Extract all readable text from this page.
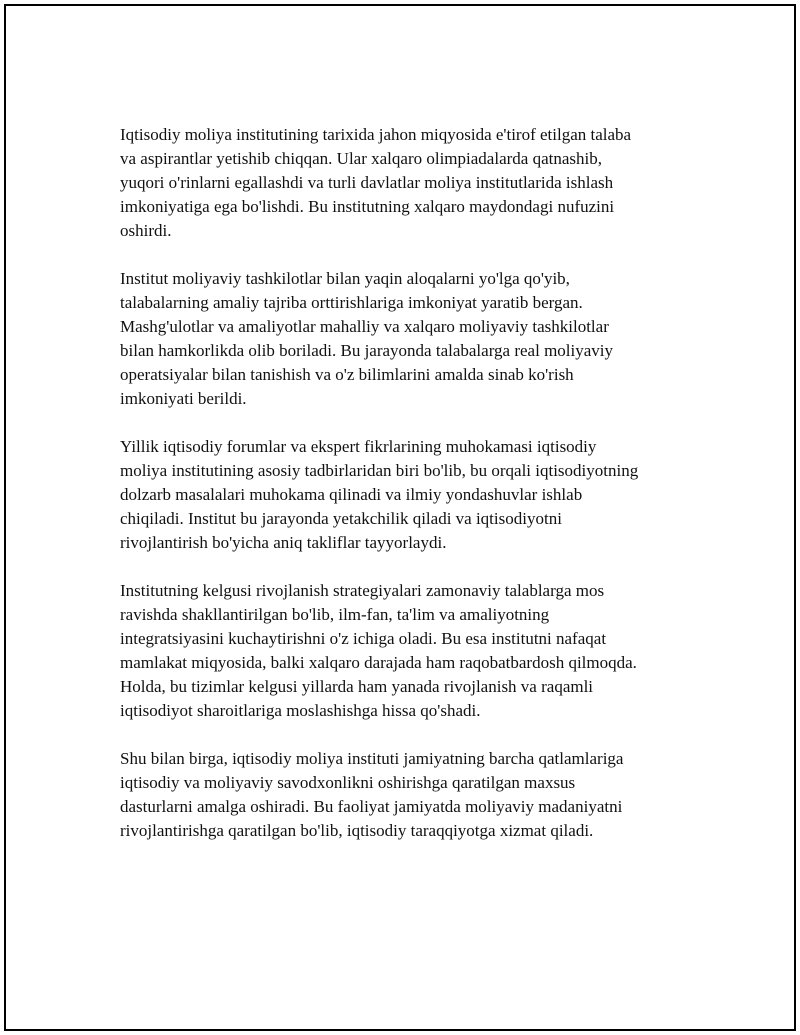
Iqtisodiy moliya institutining tarixida jahon miqyosida e'tirof etilgan talaba
va aspirantlar yetishib chiqqan. Ular xalqaro olimpiadalarda qatnashib,
yuqori o'rinlarni egallashdi va turli davlatlar moliya institutlarida ishlash
imkoniyatiga ega bo'lishdi. Bu institutning xalqaro maydondagi nufuzini
oshirdi.

Institut moliyaviy tashkilotlar bilan yaqin aloqalarni yo'lga qo'yib,
talabalarning amaliy tajriba orttirishlariga imkoniyat yaratib bergan.
Mashg'ulotlar va amaliyotlar mahalliy va xalqaro moliyaviy tashkilotlar
bilan hamkorlikda olib boriladi. Bu jarayonda talabalarga real moliyaviy
operatsiyalar bilan tanishish va o'z bilimlarini amalda sinab ko'rish
imkoniyati berildi.

Yillik iqtisodiy forumlar va ekspert fikrlarining muhokamasi iqtisodiy
moliya institutining asosiy tadbirlaridan biri bo'lib, bu orqali iqtisodiyotning
dolzarb masalalari muhokama qilinadi va ilmiy yondashuvlar ishlab
chiqiladi. Institut bu jarayonda yetakchilik qiladi va iqtisodiyotni
rivojlantirish bo'yicha aniq takliflar tayyorlaydi.

Institutning kelgusi rivojlanish strategiyalari zamonaviy talablarga mos
ravishda shakllantirilgan bo'lib, ilm-fan, ta'lim va amaliyotning
integratsiyasini kuchaytirishni o'z ichiga oladi. Bu esa institutni nafaqat
mamlakat miqyosida, balki xalqaro darajada ham raqobatbardosh qilmoqda.
Holda, bu tizimlar kelgusi yillarda ham yanada rivojlanish va raqamli
iqtisodiyot sharoitlariga moslashishga hissa qo'shadi.

Shu bilan birga, iqtisodiy moliya instituti jamiyatning barcha qatlamlariga
iqtisodiy va moliyaviy savodxonlikni oshirishga qaratilgan maxsus
dasturlarni amalga oshiradi. Bu faoliyat jamiyatda moliyaviy madaniyatni
rivojlantirishga qaratilgan bo'lib, iqtisodiy taraqqiyotga xizmat qiladi.
